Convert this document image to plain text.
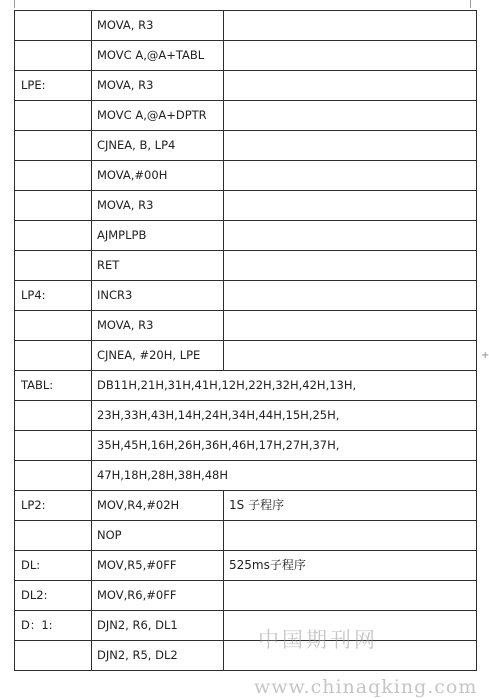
	MOVA, R3	
	MOVC A,@A+TABL	
LPE:	MOVA, R3	
	MOVC A,@A+DPTR	
	CJNEA, B, LP4	
	MOVA,#00H	
	MOVA, R3	
	AJMPLPB	
	RET	
LP4:	INCR3	
	MOVA, R3	
	CJNEA, #20H, LPE	
TABL:	DB11H,21H,31H,41H,12H,22H,32H,42H,13H,	
	23H,33H,43H,14H,24H,34H,44H,15H,25H,	
	35H,45H,16H,26H,36H,46H,17H,27H,37H,	
	47H,18H,28H,38H,48H	
LP2:	MOV,R4,#02H	1S 子程序
	NOP	
DL:	MOV,R5,#0FF	525ms子程序
DL2:	MOV,R6,#0FF	
D：1:	DJN2, R6, DL1	
	DJN2, R5, DL2	
+
中国期刊网
www.chinaqking.com
